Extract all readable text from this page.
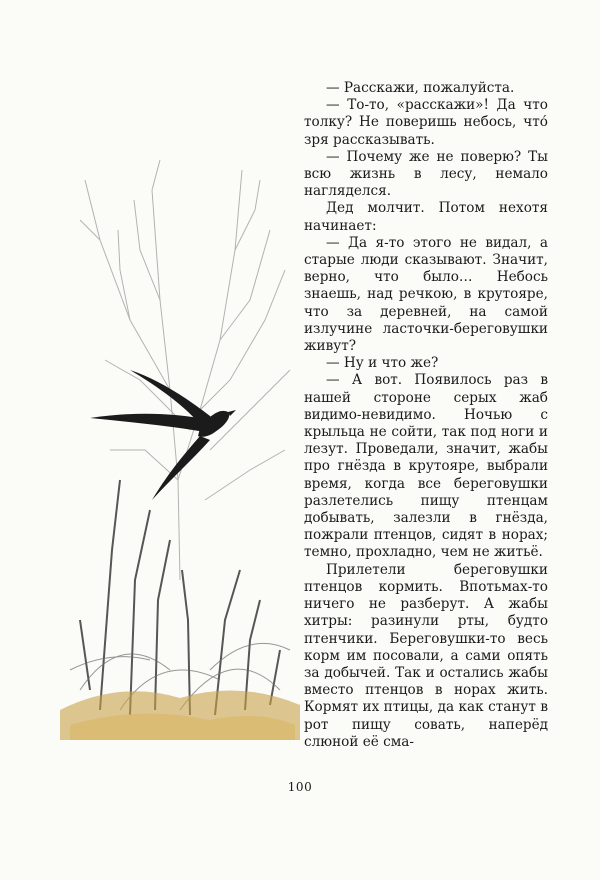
— Расскажи, пожалуйста.

— То-то, «расскажи»! Да что толку? Не поверишь небось, что́ зря рассказывать.

— Почему же не поверю? Ты всю жизнь в лесу, немало нагляделся.

Дед молчит. Потом нехотя начинает:

— Да я-то этого не видал, а старые люди сказывают. Значит, верно, что было… Небось знаешь, над речкою, в крутояре, что за деревней, на самой излучине ласточки-береговушки живут?

— Ну и что же?

— А вот. Появилось раз в нашей стороне серых жаб видимо-невидимо. Ночью с крыльца не сойти, так под ноги и лезут. Проведали, значит, жабы про гнёзда в крутояре, выбрали время, когда все береговушки разлетелись пищу птенцам добывать, залезли в гнёзда, пожрали птенцов, сидят в норах; темно, прохладно, чем не житьё.

Прилетели береговушки птенцов кормить. Впотьмах-то ничего не разберут. А жабы хитры: разинули рты, будто птенчики. Береговушки-то весь корм им посовали, а сами опять за добычей. Так и остались жабы вместо птенцов в норах жить. Кормят их птицы, да как станут в рот пищу совать, наперёд слюной её сма-

100
